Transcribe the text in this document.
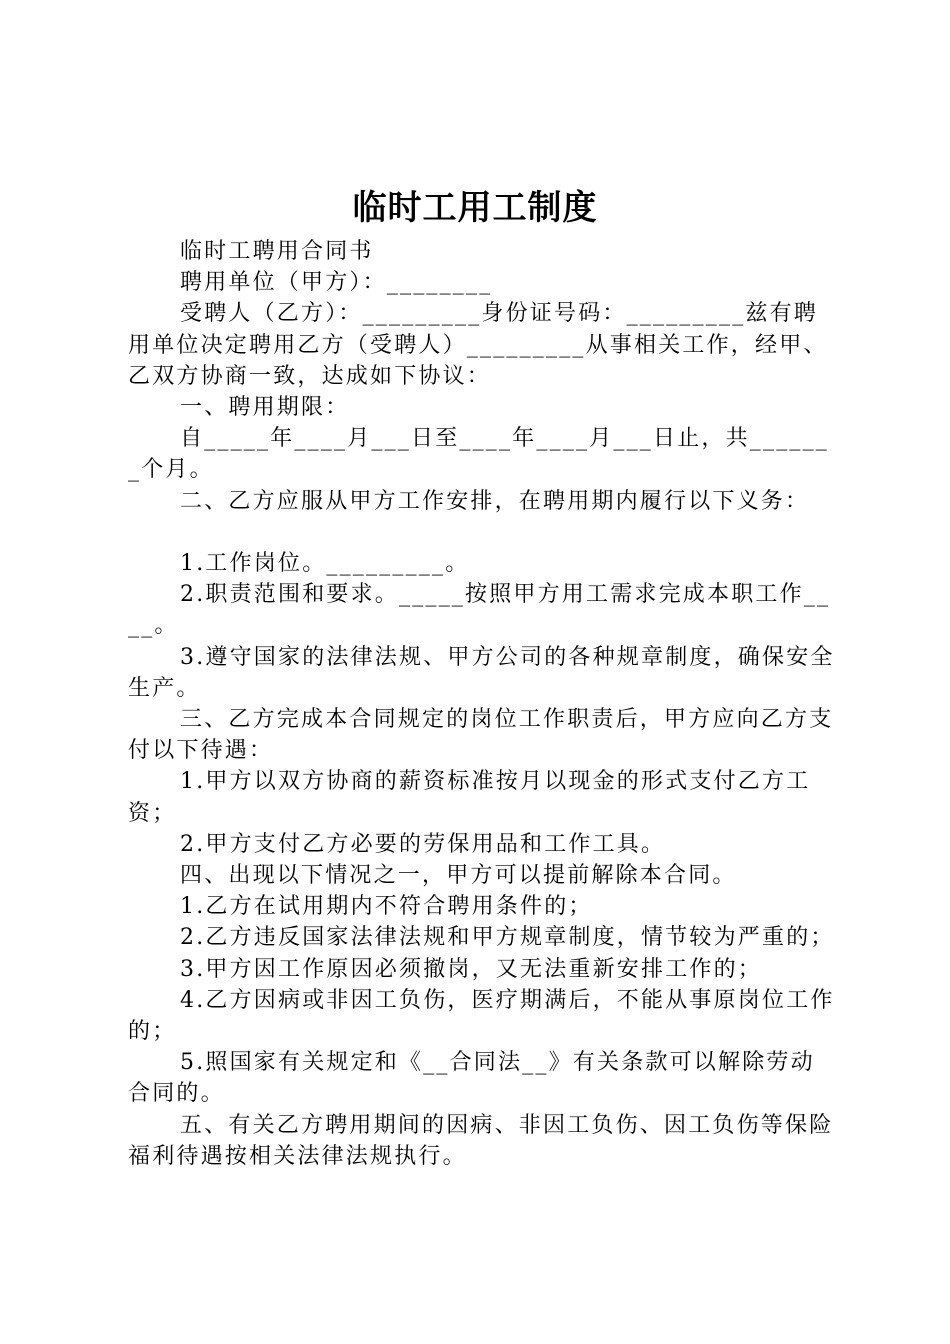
临时工用工制度

临时工聘用合同书

聘用单位（甲方）：________

受聘人（乙方）：_________身份证号码：_________兹有聘用单位决定聘用乙方（受聘人）_________从事相关工作，经甲、乙双方协商一致，达成如下协议：

一、聘用期限：

自_____年____月___日至____年____月___日止，共_______个月。

二、乙方应服从甲方工作安排，在聘用期内履行以下义务：

1.工作岗位。_________。

2.职责范围和要求。_____按照甲方用工需求完成本职工作____。

3.遵守国家的法律法规、甲方公司的各种规章制度，确保安全生产。

三、乙方完成本合同规定的岗位工作职责后，甲方应向乙方支付以下待遇：

1.甲方以双方协商的薪资标准按月以现金的形式支付乙方工资；

2.甲方支付乙方必要的劳保用品和工作工具。

四、出现以下情况之一，甲方可以提前解除本合同。

1.乙方在试用期内不符合聘用条件的；

2.乙方违反国家法律法规和甲方规章制度，情节较为严重的；

3.甲方因工作原因必须撤岗，又无法重新安排工作的；

4.乙方因病或非因工负伤，医疗期满后，不能从事原岗位工作的；

5.照国家有关规定和《__合同法__》有关条款可以解除劳动合同的。

五、有关乙方聘用期间的因病、非因工负伤、因工负伤等保险福利待遇按相关法律法规执行。
